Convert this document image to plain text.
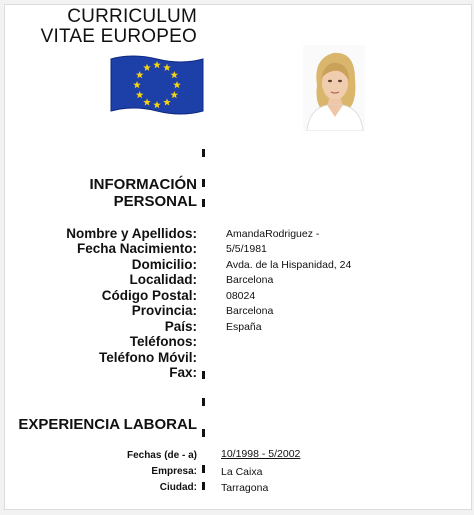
CURRICULUM
VITAE EUROPEO
INFORMACIÓN
PERSONAL
Nombre y Apellidos:	AmandaRodriguez -
Fecha Nacimiento:	5/5/1981
Domicilio:	Avda. de la Hispanidad, 24
Localidad:	Barcelona
Código Postal:	08024
Provincia:	Barcelona
País:	España
Teléfonos:
Teléfono Móvil:
Fax:
EXPERIENCIA LABORAL
Fechas (de - a) 10/1998 - 5/2002
Empresa: La Caixa
Ciudad: Tarragona
